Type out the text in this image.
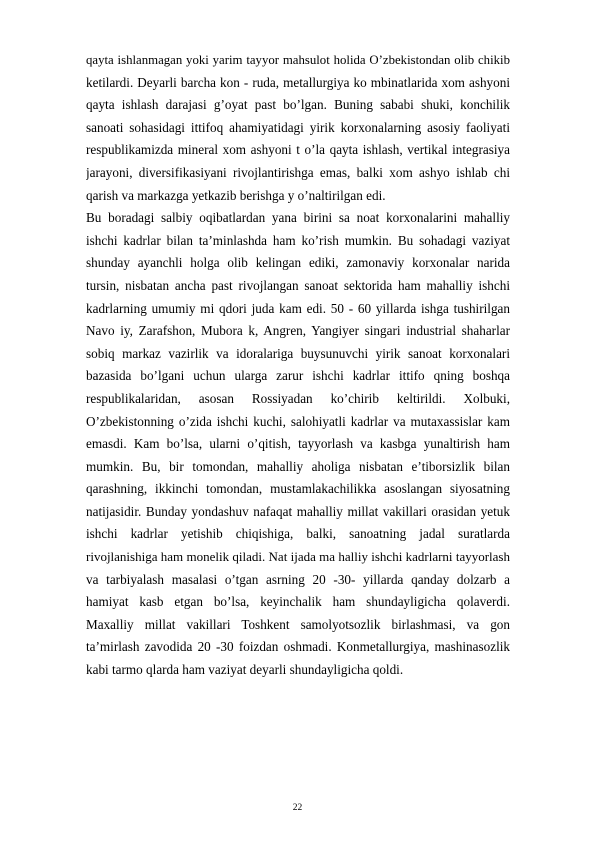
qayta ishlanmagan yoki yarim tayyor mahsulot holida O’zbekistondan olib chikib
ketilardi. Deyarli barcha kon - ruda, metallurgiya ko mbinatlarida xom ashyoni
qayta ishlash darajasi g’oyat past bo’lgan. Buning sababi shuki, konchilik
sanoati sohasidagi ittifoq ahamiyatidagi yirik korxonalarning asosiy faoliyati
respublikamizda mineral xom ashyoni t o’la qayta ishlash, vertikal integrasiya
jarayoni, diversifikasiyani rivojlantirishga emas, balki xom ashyo ishlab chi
qarish va markazga yetkazib berishga y o’naltirilgan edi.
Bu boradagi salbiy oqibatlardan yana birini sa noat korxonalarini mahalliy
ishchi kadrlar bilan ta’minlashda ham ko’rish mumkin. Bu sohadagi vaziyat
shunday ayanchli holga olib kelingan ediki, zamonaviy korxonalar narida
tursin, nisbatan ancha past rivojlangan sanoat sektorida ham mahalliy ishchi
kadrlarning umumiy mi qdori juda kam edi. 50 - 60 yillarda ishga tushirilgan
Navo iy, Zarafshon, Mubora k, Angren, Yangiyer singari industrial shaharlar
sobiq markaz vazirlik va idoralariga buysunuvchi yirik sanoat korxonalari
bazasida bo’lgani uchun ularga zarur ishchi kadrlar ittifo qning boshqa
respublikalaridan, asosan Rossiyadan ko’chirib keltirildi. Xolbuki,
O’zbekistonning o’zida ishchi kuchi, salohiyatli kadrlar va mutaxassislar kam
emasdi. Kam bo’lsa, ularni o’qitish, tayyorlash va kasbga yunaltirish ham
mumkin. Bu, bir tomondan, mahalliy aholiga nisbatan e’tiborsizlik bilan
qarashning, ikkinchi tomondan, mustamlakachilikka asoslangan siyosatning
natijasidir. Bunday yondashuv nafaqat mahalliy millat vakillari orasidan yetuk
ishchi kadrlar yetishib chiqishiga, balki, sanoatning jadal suratlarda
rivojlanishiga ham monelik qiladi. Nat ijada ma halliy ishchi kadrlarni tayyorlash
va tarbiyalash masalasi o’tgan asrning 20 -30- yillarda qanday dolzarb a
hamiyat kasb etgan bo’lsa, keyinchalik ham shundayligicha qolaverdi.
Maxalliy millat vakillari Toshkent samolyotsozlik birlashmasi, va gon
ta’mirlash zavodida 20 -30 foizdan oshmadi. Konmetallurgiya, mashinasozlik
kabi tarmo qlarda ham vaziyat deyarli shundayligicha qoldi.
22
